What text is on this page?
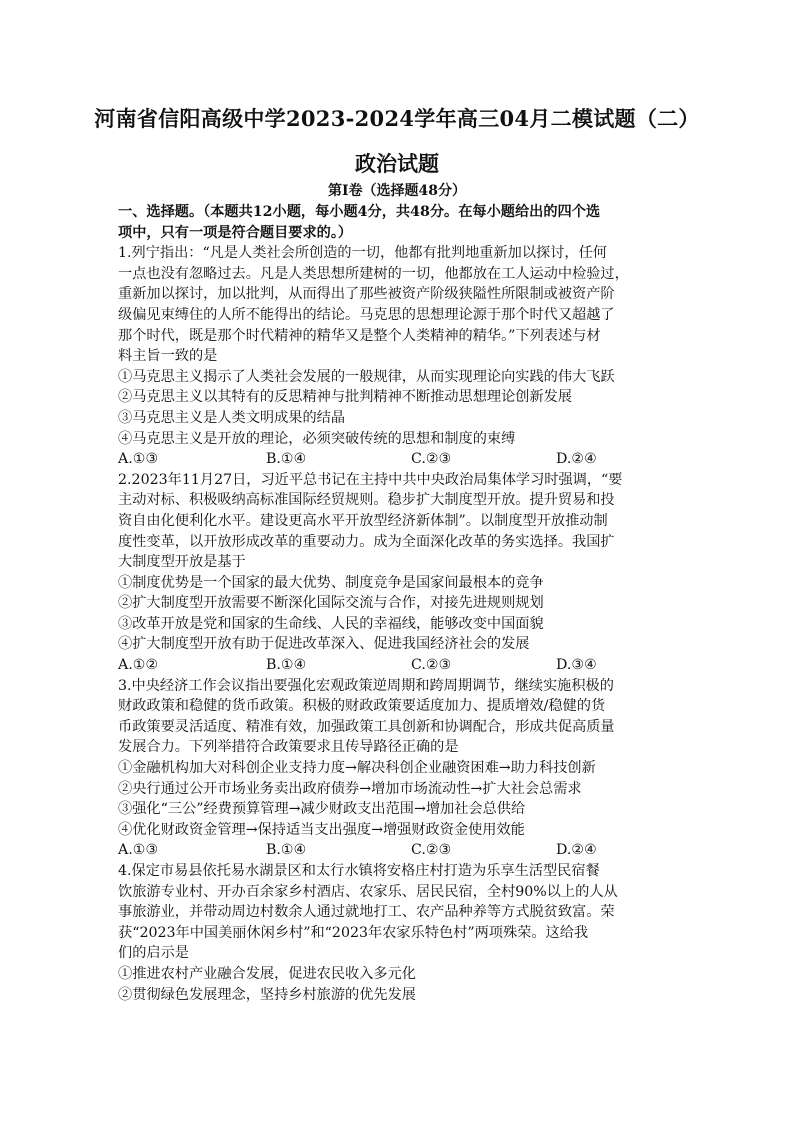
河南省信阳高级中学2023-2024学年高三04月二模试题（二）
政治试题
第I卷（选择题48分）
一、选择题。（本题共12小题，每小题4分，共48分。在每小题给出的四个选
项中，只有一项是符合题目要求的。）
1.列宁指出：“凡是人类社会所创造的一切，他都有批判地重新加以探讨，任何
一点也没有忽略过去。凡是人类思想所建树的一切，他都放在工人运动中检验过，
重新加以探讨，加以批判，从而得出了那些被资产阶级狭隘性所限制或被资产阶
级偏见束缚住的人所不能得出的结论。马克思的思想理论源于那个时代又超越了
那个时代，既是那个时代精神的精华又是整个人类精神的精华。”下列表述与材
料主旨一致的是
①马克思主义揭示了人类社会发展的一般规律，从而实现理论向实践的伟大飞跃
②马克思主义以其特有的反思精神与批判精神不断推动思想理论创新发展
③马克思主义是人类文明成果的结晶
④马克思主义是开放的理论，必须突破传统的思想和制度的束缚
A.①③	B.①④	C.②③	D.②④
2.2023年11月27日，习近平总书记在主持中共中央政治局集体学习时强调，“要
主动对标、积极吸纳高标准国际经贸规则。稳步扩大制度型开放。提升贸易和投
资自由化便利化水平。建设更高水平开放型经济新体制”。以制度型开放推动制
度性变革，以开放形成改革的重要动力。成为全面深化改革的务实选择。我国扩
大制度型开放是基于
①制度优势是一个国家的最大优势、制度竞争是国家间最根本的竞争
②扩大制度型开放需要不断深化国际交流与合作，对接先进规则规划
③改革开放是党和国家的生命线、人民的幸福线，能够改变中国面貌
④扩大制度型开放有助于促进改革深入、促进我国经济社会的发展
A.①②	B.①④	C.②③	D.③④
3.中央经济工作会议指出要强化宏观政策逆周期和跨周期调节，继续实施积极的
财政政策和稳健的货币政策。积极的财政政策要适度加力、提质增效/稳健的货
币政策要灵活适度、精准有效，加强政策工具创新和协调配合，形成共促高质量
发展合力。下列举措符合政策要求且传导路径正确的是
①金融机构加大对科创企业支持力度→解决科创企业融资困难→助力科技创新
②央行通过公开市场业务卖出政府债券→增加市场流动性→扩大社会总需求
③强化“三公”经费预算管理→减少财政支出范围→增加社会总供给
④优化财政资金管理→保持适当支出强度→增强财政资金使用效能
A.①③	B.①④	C.②③	D.②④
4.保定市易县依托易水湖景区和太行水镇将安格庄村打造为乐享生活型民宿餐
饮旅游专业村、开办百余家乡村酒店、农家乐、居民民宿，全村90%以上的人从
事旅游业，并带动周边村数余人通过就地打工、农产品种养等方式脱贫致富。荣
获“2023年中国美丽休闲乡村”和“2023年农家乐特色村”两项殊荣。这给我
们的启示是
①推进农村产业融合发展，促进农民收入多元化
②贯彻绿色发展理念，坚持乡村旅游的优先发展
